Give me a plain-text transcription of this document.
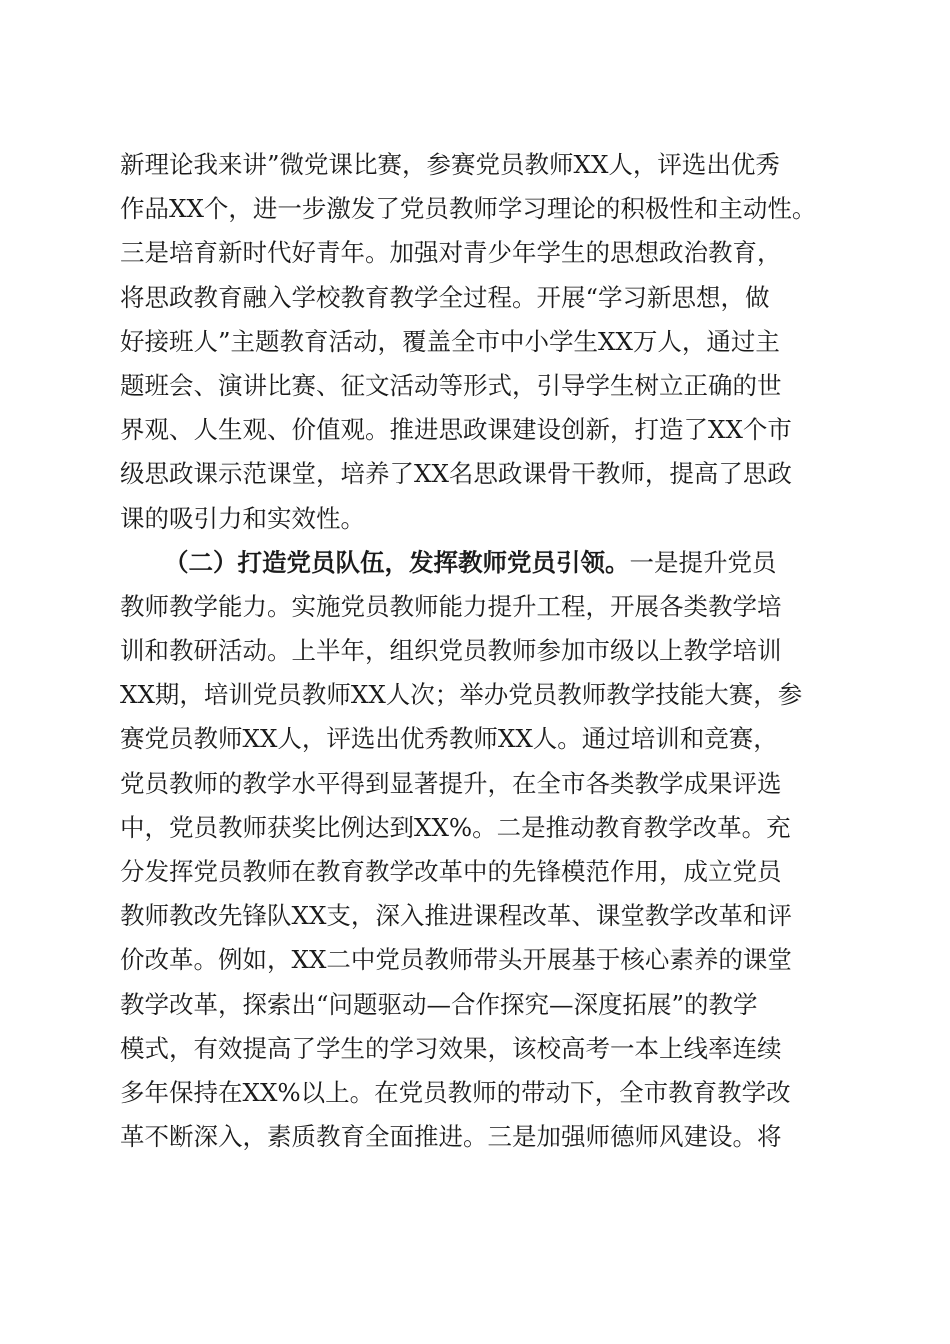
新理论我来讲”微党课比赛，参赛党员教师XX人，评选出优秀
作品XX个，进一步激发了党员教师学习理论的积极性和主动性。
三是培育新时代好青年。加强对青少年学生的思想政治教育，
将思政教育融入学校教育教学全过程。开展“学习新思想，做
好接班人”主题教育活动，覆盖全市中小学生XX万人，通过主
题班会、演讲比赛、征文活动等形式，引导学生树立正确的世
界观、人生观、价值观。推进思政课建设创新，打造了XX个市
级思政课示范课堂，培养了XX名思政课骨干教师，提高了思政
课的吸引力和实效性。
（二）打造党员队伍，发挥教师党员引领。一是提升党员
教师教学能力。实施党员教师能力提升工程，开展各类教学培
训和教研活动。上半年，组织党员教师参加市级以上教学培训
XX期，培训党员教师XX人次；举办党员教师教学技能大赛，参
赛党员教师XX人，评选出优秀教师XX人。通过培训和竞赛，
党员教师的教学水平得到显著提升，在全市各类教学成果评选
中，党员教师获奖比例达到XX%。二是推动教育教学改革。充
分发挥党员教师在教育教学改革中的先锋模范作用，成立党员
教师教改先锋队XX支，深入推进课程改革、课堂教学改革和评
价改革。例如，XX二中党员教师带头开展基于核心素养的课堂
教学改革，探索出“问题驱动—合作探究—深度拓展”的教学
模式，有效提高了学生的学习效果，该校高考一本上线率连续
多年保持在XX%以上。在党员教师的带动下，全市教育教学改
革不断深入，素质教育全面推进。三是加强师德师风建设。将
